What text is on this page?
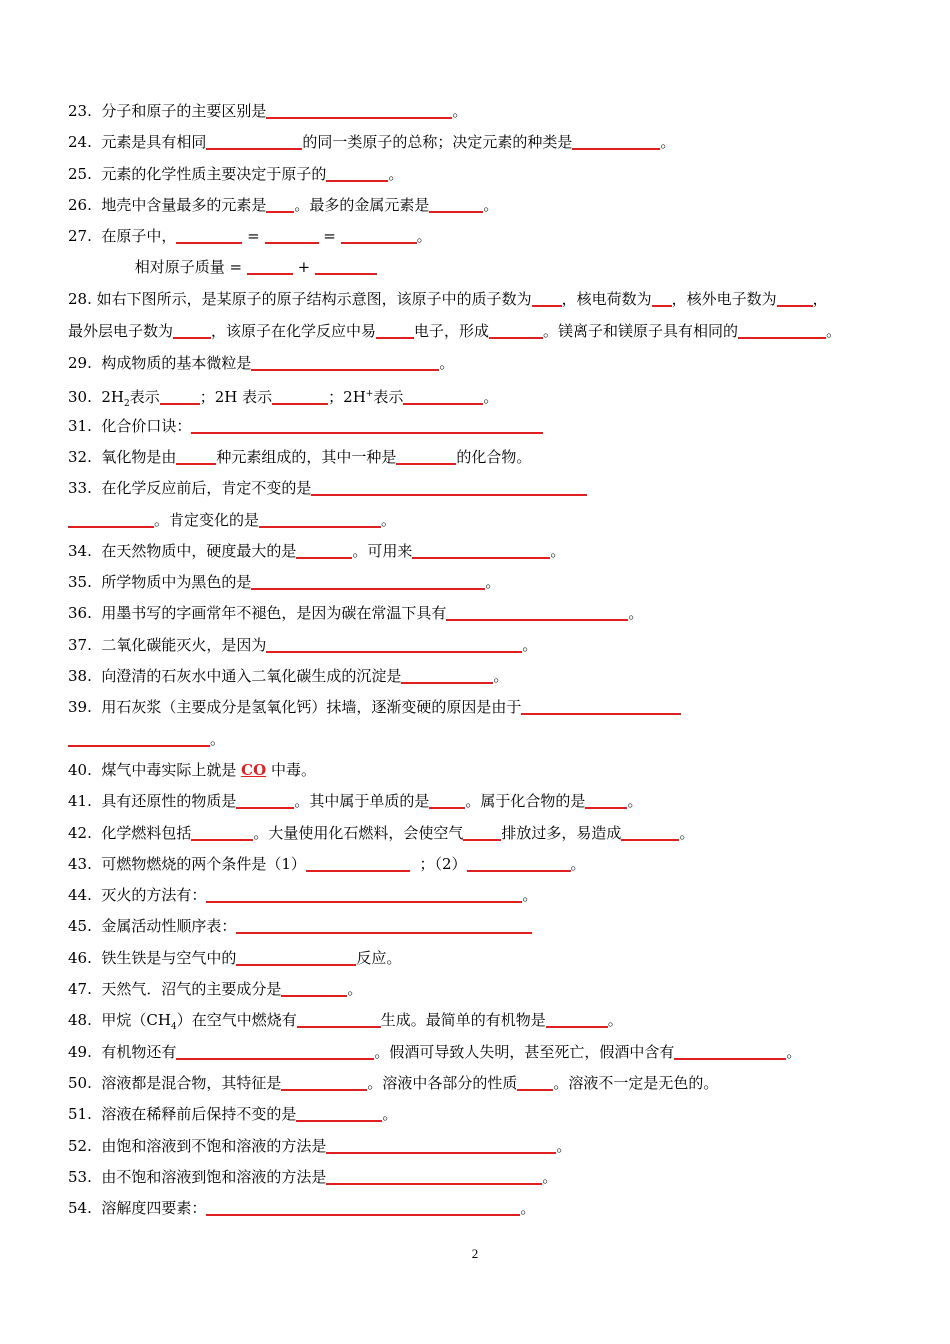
23.  分子和原子的主要区别是	。
24.  元素是具有相同	的同一类原子的总称；决定元素的种类是	。
25.  元素的化学性质主要决定于原子的	。
26.  地壳中含量最多的元素是 。最多的金属元素是	。
27.  在原子中，	=	=	。
相对原子质量 =	+
28. 如右下图所示，是某原子的原子结构示意图，该原子中的质子数为 ，核电荷数为 ，核外电子数为 ，
最外层电子数为	，该原子在化学反应中易	电子，形成	。镁离子和镁原子具有相同的	。
29.  构成物质的基本微粒是	。
30.  $2H_2$表示	；2H 表示	；2H+表示	。
31.  化合价口诀：
32.  氧化物是由	种元素组成的，其中一种是	的化合物。
33.  在化学反应前后，肯定不变的是
。肯定变化的是	。
34.  在天然物质中，硬度最大的是	。可用来	。
35.  所学物质中为黑色的是	。
36.  用墨书写的字画常年不褪色，是因为碳在常温下具有	。
37.  二氧化碳能灭火，是因为	。
38.  向澄清的石灰水中通入二氧化碳生成的沉淀是	。
39.  用石灰浆（主要成分是氢氧化钙）抹墙，逐渐变硬的原因是由于
。
40.  煤气中毒实际上就是 CO 中毒。
41.  具有还原性的物质是	。其中属于单质的是 。属于化合物的是	。
42.  化学燃料包括	。大量使用化石燃料，会使空气	排放过多，易造成	。
43.  可燃物燃烧的两个条件是（1）	；（2）	。
44.  灭火的方法有：	。
45.  金属活动性顺序表：
46.  铁生铁是与空气中的	反应。
47.  天然气．沼气的主要成分是	。
48.  甲烷$(CH_4)$在空气中燃烧有	生成。最简单的有机物是	。
49.  有机物还有	。假酒可导致人失明，甚至死亡，假酒中含有	。
50.  溶液都是混合物，其特征是	。溶液中各部分的性质 。溶液不一定是无色的。
51.  溶液在稀释前后保持不变的是	。
52.  由饱和溶液到不饱和溶液的方法是	。
53.  由不饱和溶液到饱和溶液的方法是	。
54.  溶解度四要素：	。
2
